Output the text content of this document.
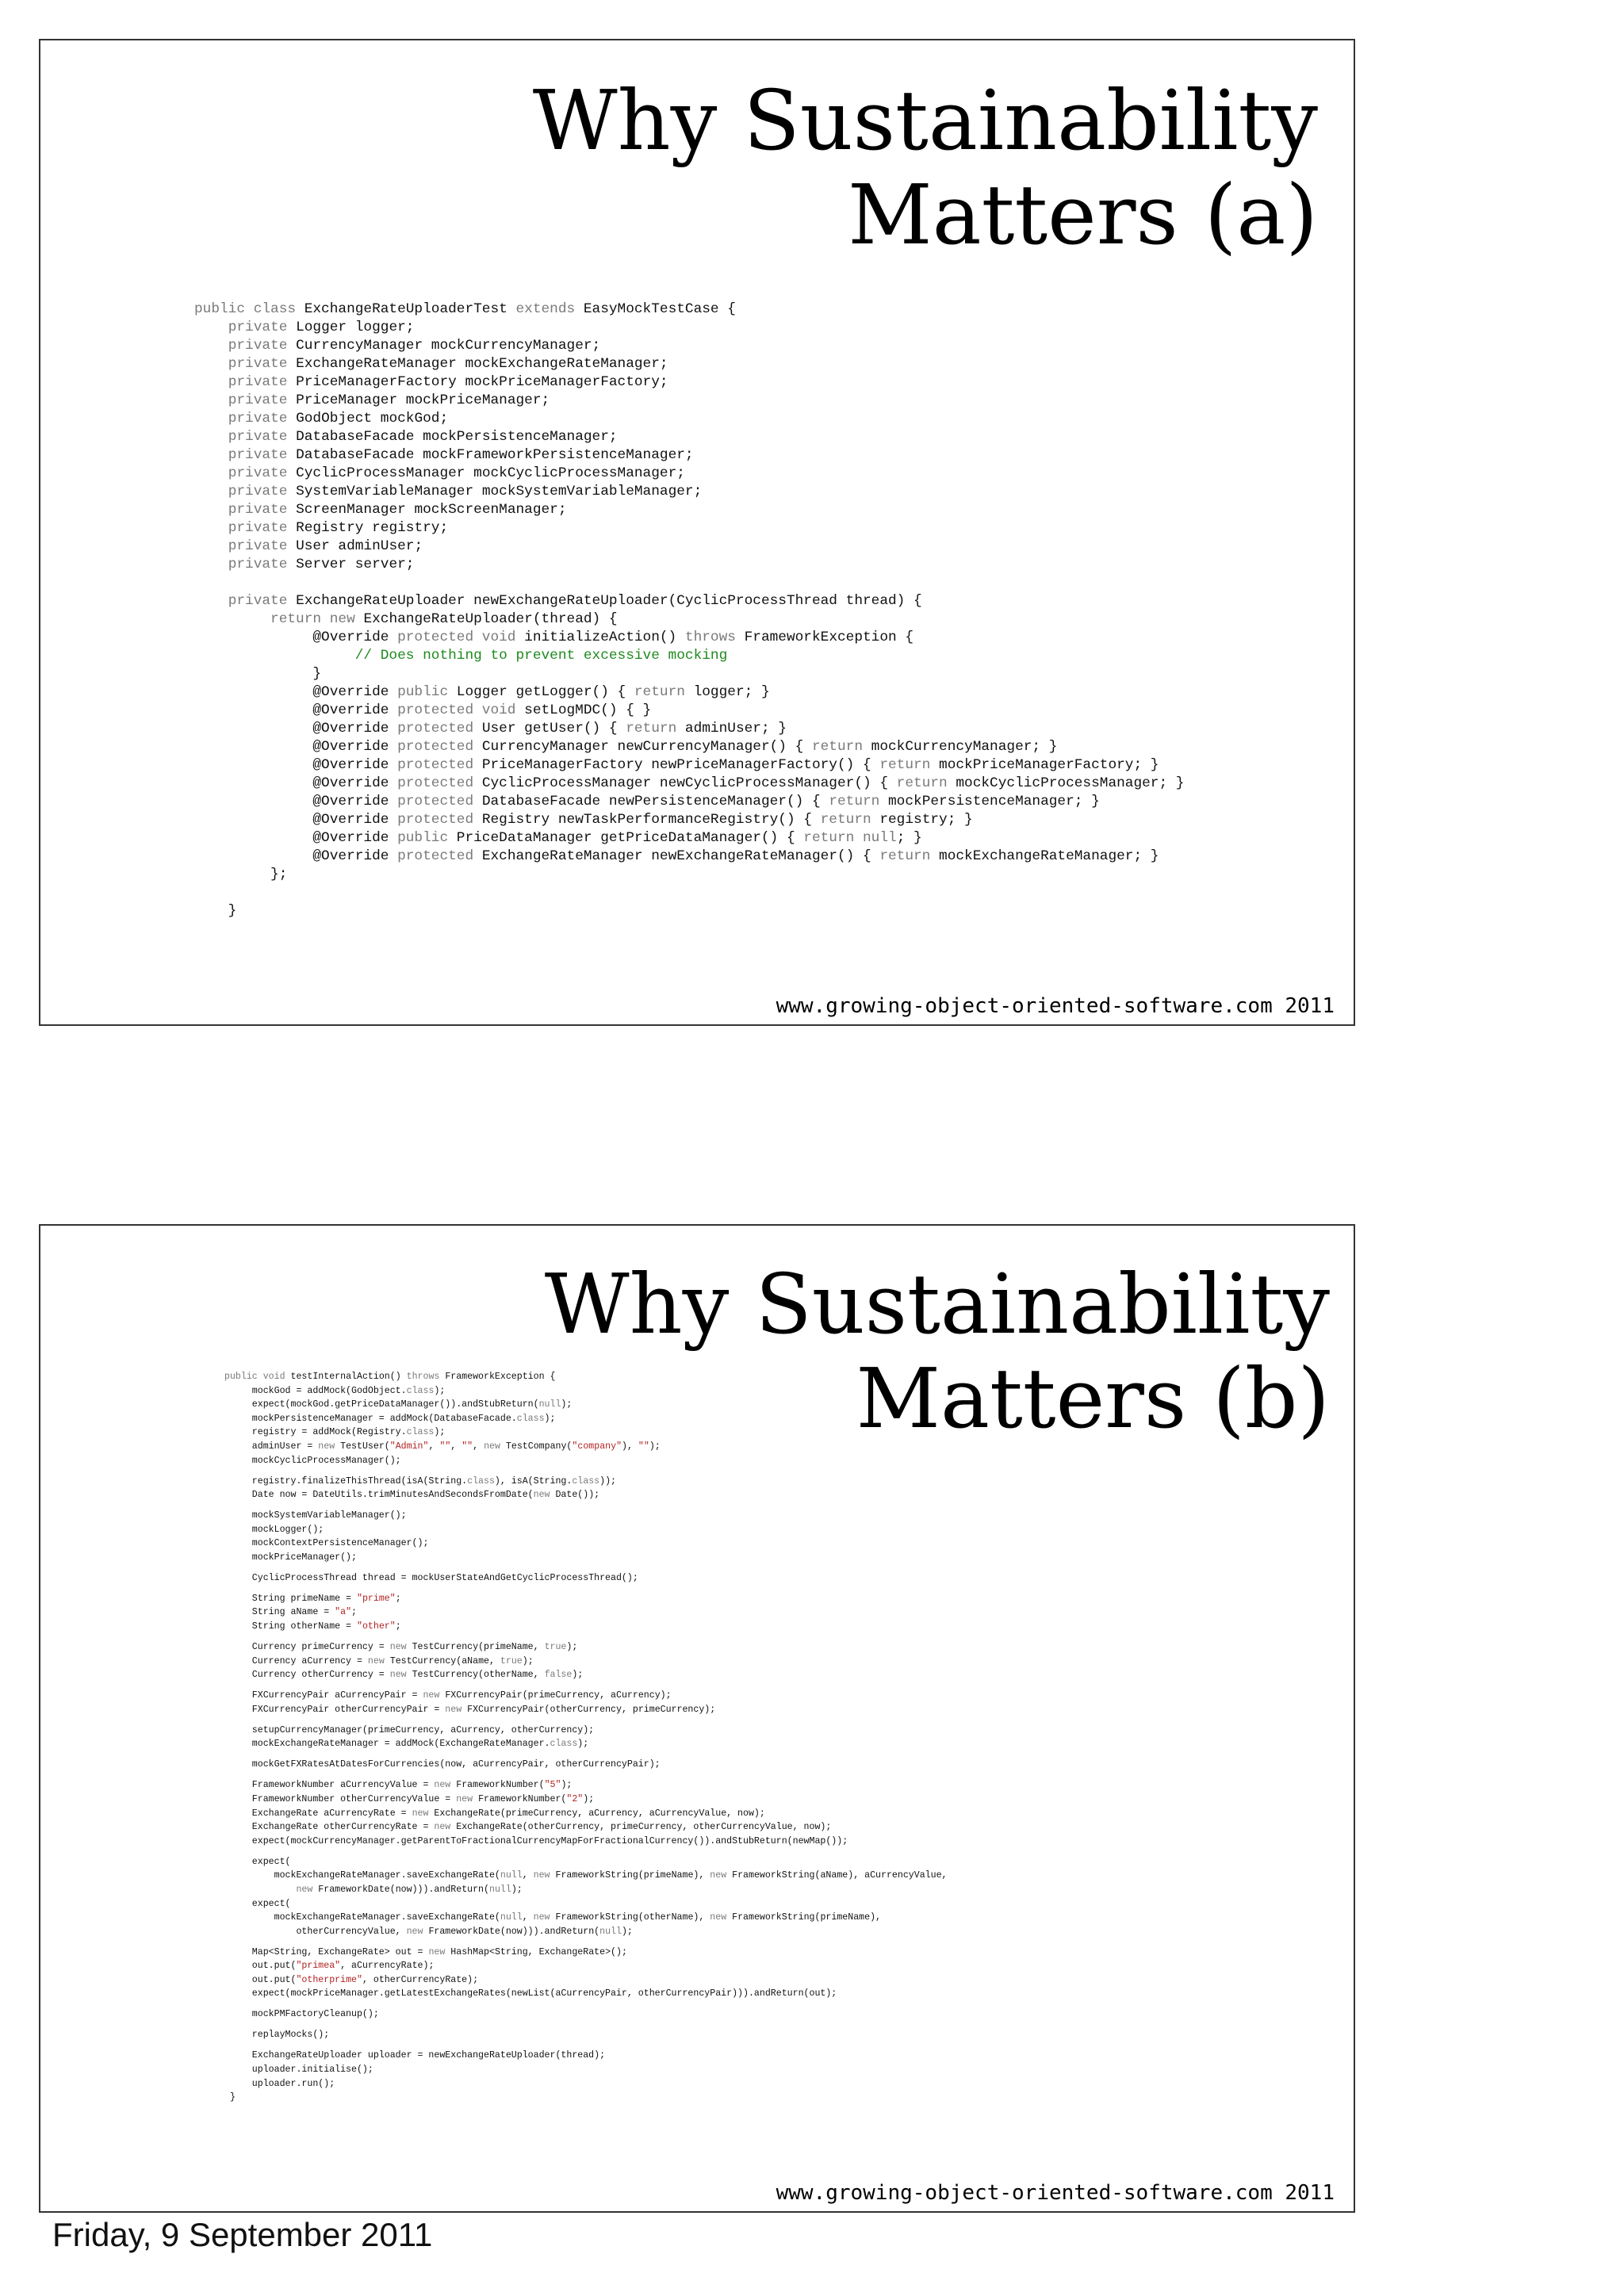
Why Sustainability
Matters (a)
public class ExchangeRateUploaderTest extends EasyMockTestCase {
private Logger logger;
private CurrencyManager mockCurrencyManager;
private ExchangeRateManager mockExchangeRateManager;
private PriceManagerFactory mockPriceManagerFactory;
private PriceManager mockPriceManager;
private GodObject mockGod;
private DatabaseFacade mockPersistenceManager;
private DatabaseFacade mockFrameworkPersistenceManager;
private CyclicProcessManager mockCyclicProcessManager;
private SystemVariableManager mockSystemVariableManager;
private ScreenManager mockScreenManager;
private Registry registry;
private User adminUser;
private Server server;
private ExchangeRateUploader newExchangeRateUploader(CyclicProcessThread thread) {
return new ExchangeRateUploader(thread) {
@Override protected void initializeAction() throws FrameworkException {
// Does nothing to prevent excessive mocking
}
@Override public Logger getLogger() { return logger; }
@Override protected void setLogMDC() { }
@Override protected User getUser() { return adminUser; }
@Override protected CurrencyManager newCurrencyManager() { return mockCurrencyManager; }
@Override protected PriceManagerFactory newPriceManagerFactory() { return mockPriceManagerFactory; }
@Override protected CyclicProcessManager newCyclicProcessManager() { return mockCyclicProcessManager; }
@Override protected DatabaseFacade newPersistenceManager() { return mockPersistenceManager; }
@Override protected Registry newTaskPerformanceRegistry() { return registry; }
@Override public PriceDataManager getPriceDataManager() { return null; }
@Override protected ExchangeRateManager newExchangeRateManager() { return mockExchangeRateManager; }
};
}
www.growing-object-oriented-software.com 2011
Why Sustainability
Matters (b)
public void testInternalAction() throws FrameworkException {
mockGod = addMock(GodObject.class);
expect(mockGod.getPriceDataManager()).andStubReturn(null);
mockPersistenceManager = addMock(DatabaseFacade.class);
registry = addMock(Registry.class);
adminUser = new TestUser("Admin", "", "", new TestCompany("company"), "");
mockCyclicProcessManager();
registry.finalizeThisThread(isA(String.class), isA(String.class));
Date now = DateUtils.trimMinutesAndSecondsFromDate(new Date());
mockSystemVariableManager();
mockLogger();
mockContextPersistenceManager();
mockPriceManager();
CyclicProcessThread thread = mockUserStateAndGetCyclicProcessThread();
String primeName = "prime";
String aName = "a";
String otherName = "other";
Currency primeCurrency = new TestCurrency(primeName, true);
Currency aCurrency = new TestCurrency(aName, true);
Currency otherCurrency = new TestCurrency(otherName, false);
FXCurrencyPair aCurrencyPair = new FXCurrencyPair(primeCurrency, aCurrency);
FXCurrencyPair otherCurrencyPair = new FXCurrencyPair(otherCurrency, primeCurrency);
setupCurrencyManager(primeCurrency, aCurrency, otherCurrency);
mockExchangeRateManager = addMock(ExchangeRateManager.class);
mockGetFXRatesAtDatesForCurrencies(now, aCurrencyPair, otherCurrencyPair);
FrameworkNumber aCurrencyValue = new FrameworkNumber("5");
FrameworkNumber otherCurrencyValue = new FrameworkNumber("2");
ExchangeRate aCurrencyRate = new ExchangeRate(primeCurrency, aCurrency, aCurrencyValue, now);
ExchangeRate otherCurrencyRate = new ExchangeRate(otherCurrency, primeCurrency, otherCurrencyValue, now);
expect(mockCurrencyManager.getParentToFractionalCurrencyMapForFractionalCurrency()).andStubReturn(newMap());
expect(
mockExchangeRateManager.saveExchangeRate(null, new FrameworkString(primeName), new FrameworkString(aName), aCurrencyValue,
new FrameworkDate(now))).andReturn(null);
expect(
mockExchangeRateManager.saveExchangeRate(null, new FrameworkString(otherName), new FrameworkString(primeName),
otherCurrencyValue, new FrameworkDate(now))).andReturn(null);
Map<String, ExchangeRate> out = new HashMap<String, ExchangeRate>();
out.put("primea", aCurrencyRate);
out.put("otherprime", otherCurrencyRate);
expect(mockPriceManager.getLatestExchangeRates(newList(aCurrencyPair, otherCurrencyPair))).andReturn(out);
mockPMFactoryCleanup();
replayMocks();
ExchangeRateUploader uploader = newExchangeRateUploader(thread);
uploader.initialise();
uploader.run();
}
www.growing-object-oriented-software.com 2011
Friday, 9 September 2011
